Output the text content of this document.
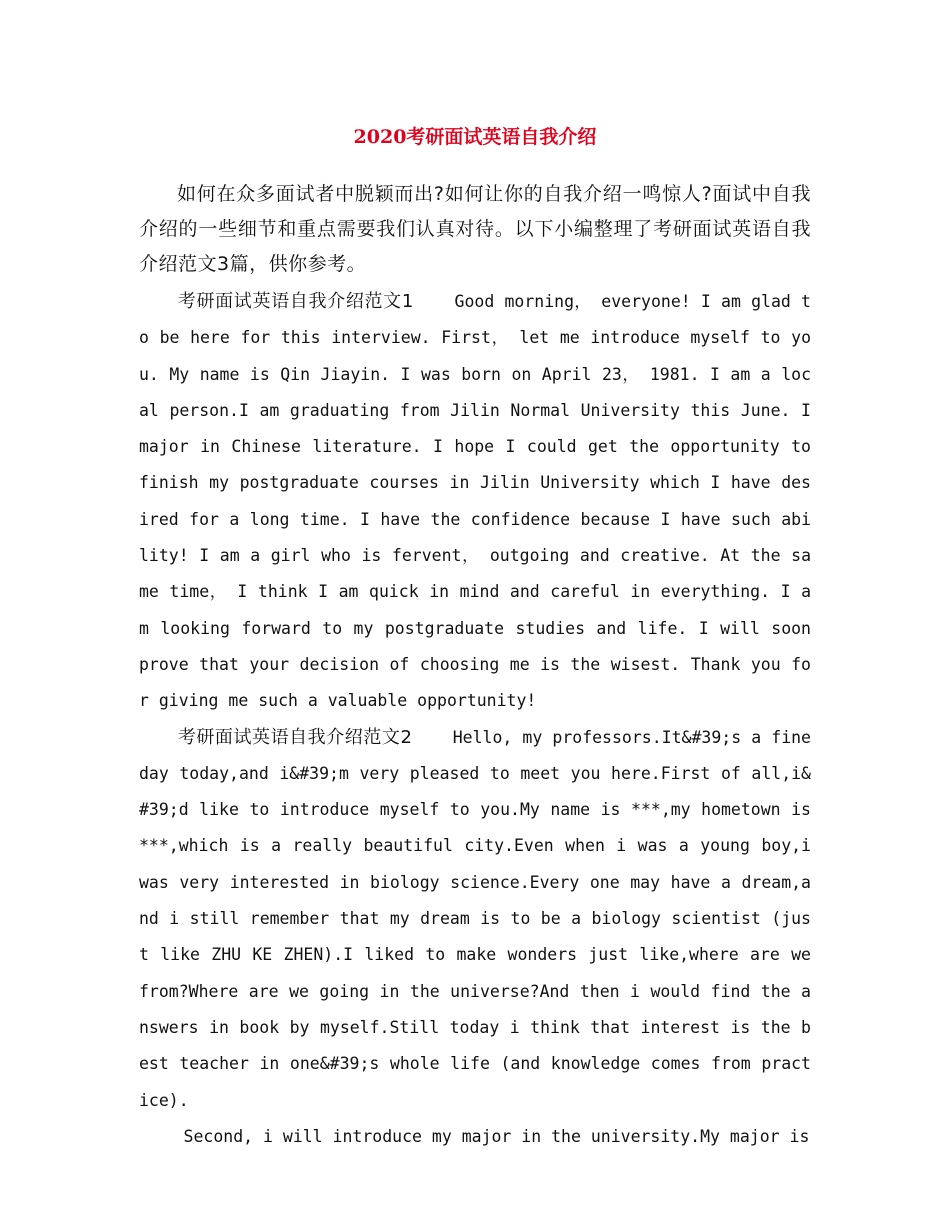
2020考研面试英语自我介绍

如何在众多面试者中脱颖而出?如何让你的自我介绍一鸣惊人?面试中自我介绍的一些细节和重点需要我们认真对待。以下小编整理了考研面试英语自我介绍范文3篇，供你参考。

考研面试英语自我介绍范文1 Good morning， everyone! I am glad to be here for this interview. First， let me introduce myself to you. My name is Qin Jiayin. I was born on April 23， 1981. I am a local person.I am graduating from Jilin Normal University this June. I major in Chinese literature. I hope I could get the opportunity to finish my postgraduate courses in Jilin University which I have desired for a long time. I have the confidence because I have such ability! I am a girl who is fervent， outgoing and creative. At the same time， I think I am quick in mind and careful in everything. I am looking forward to my postgraduate studies and life. I will soon prove that your decision of choosing me is the wisest. Thank you for giving me such a valuable opportunity!

考研面试英语自我介绍范文2 Hello, my professors.It&#39;s a fine day today,and i&#39;m very pleased to meet you here.First of all,i&#39;d like to introduce myself to you.My name is ***,my hometown is ***,which is a really beautiful city.Even when i was a young boy,i was very interested in biology science.Every one may have a dream,and i still remember that my dream is to be a biology scientist (just like ZHU KE ZHEN).I liked to make wonders just like,where are we from?Where are we going in the universe?And then i would find the answers in book by myself.Still today i think that interest is the best teacher in one&#39;s whole life (and knowledge comes from practice).

Second, i will introduce my major in the university.My major is
